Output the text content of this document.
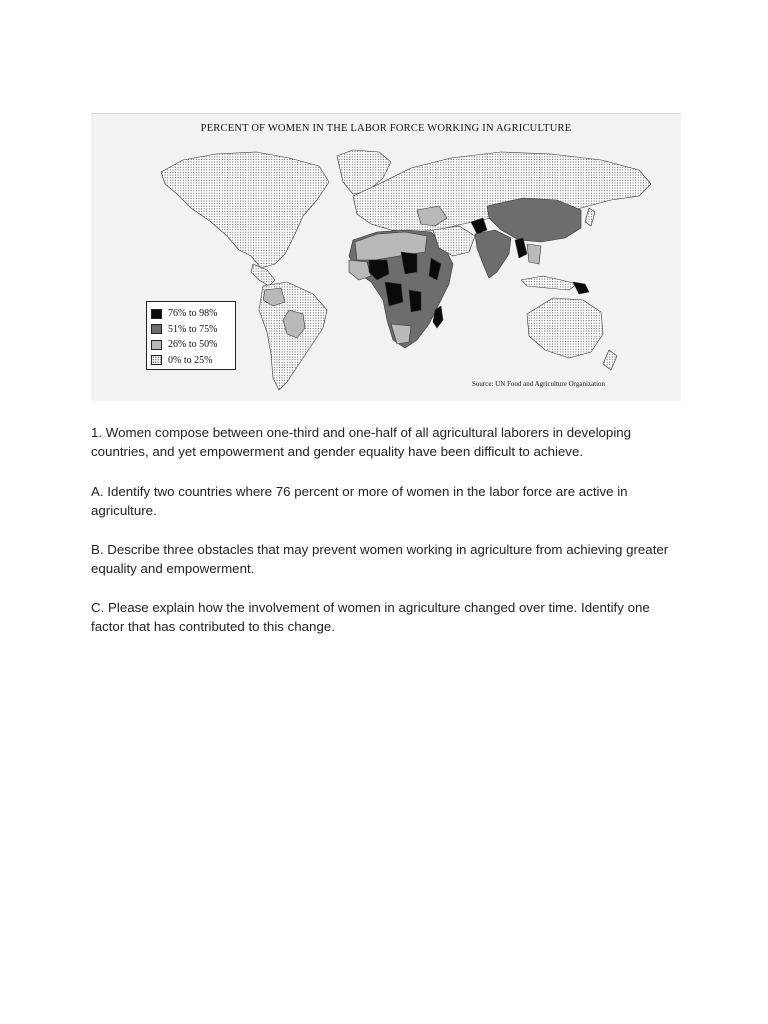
PERCENT OF WOMEN IN THE LABOR FORCE WORKING IN AGRICULTURE
76% to 98%
51% to 75%
26% to 50%
0% to 25%
Source: UN Food and Agriculture Organization

1. Women compose between one-third and one-half of all agricultural laborers in developing countries, and yet empowerment and gender equality have been difficult to achieve.

A. Identify two countries where 76 percent or more of women in the labor force are active in agriculture.

B. Describe three obstacles that may prevent women working in agriculture from achieving greater equality and empowerment.

C. Please explain how the involvement of women in agriculture changed over time. Identify one factor that has contributed to this change.
